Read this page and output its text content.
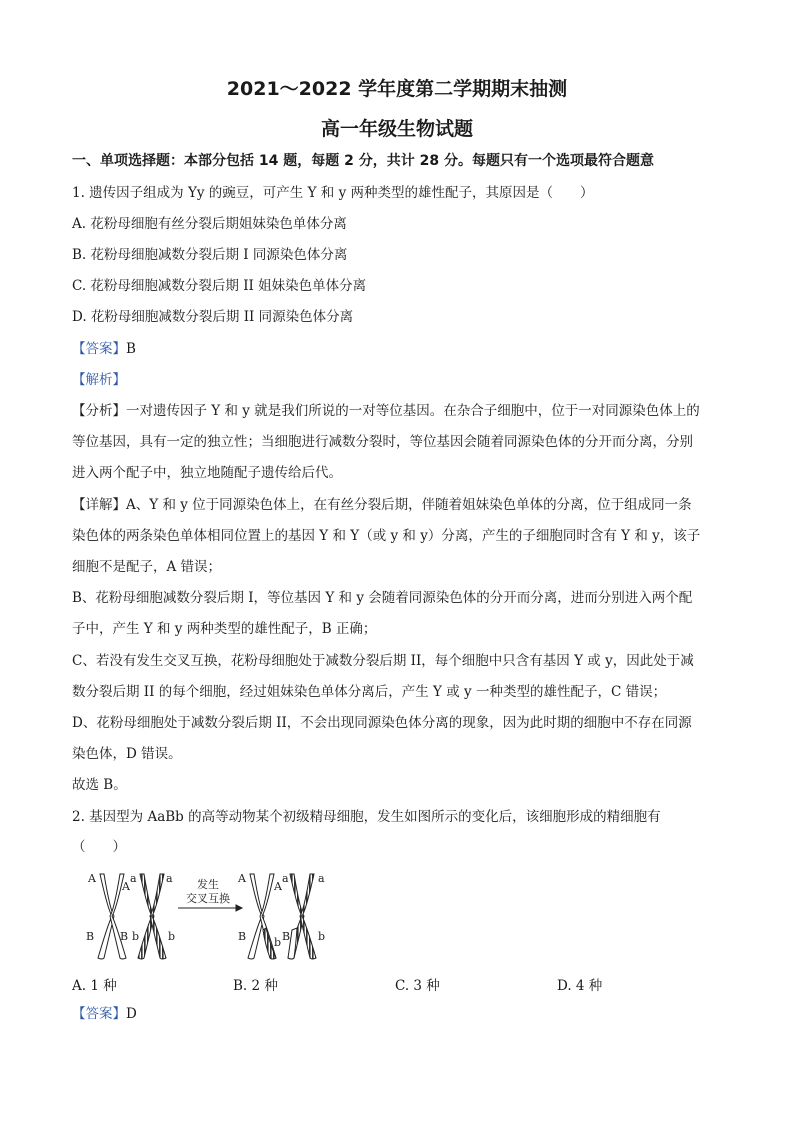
2021～2022 学年度第二学期期末抽测
高一年级生物试题
一、单项选择题：本部分包括 14 题，每题 2 分，共计 28 分。每题只有一个选项最符合题意
1. 遗传因子组成为 Yy 的豌豆，可产生 Y 和 y 两种类型的雄性配子，其原因是（　　）
A. 花粉母细胞有丝分裂后期姐妹染色单体分离
B. 花粉母细胞减数分裂后期 I 同源染色体分离
C. 花粉母细胞减数分裂后期 II 姐妹染色单体分离
D. 花粉母细胞减数分裂后期 II 同源染色体分离
【答案】B
【解析】
【分析】一对遗传因子 Y 和 y 就是我们所说的一对等位基因。在杂合子细胞中，位于一对同源染色体上的
等位基因，具有一定的独立性；当细胞进行减数分裂时，等位基因会随着同源染色体的分开而分离，分别
进入两个配子中，独立地随配子遗传给后代。
【详解】A、Y 和 y 位于同源染色体上，在有丝分裂后期，伴随着姐妹染色单体的分离，位于组成同一条
染色体的两条染色单体相同位置上的基因 Y 和 Y（或 y 和 y）分离，产生的子细胞同时含有 Y 和 y，该子
细胞不是配子，A 错误；
B、花粉母细胞减数分裂后期 I，等位基因 Y 和 y 会随着同源染色体的分开而分离，进而分别进入两个配
子中，产生 Y 和 y 两种类型的雄性配子，B 正确；
C、若没有发生交叉互换，花粉母细胞处于减数分裂后期 II，每个细胞中只含有基因 Y 或 y，因此处于减
数分裂后期 II 的每个细胞，经过姐妹染色单体分离后，产生 Y 或 y 一种类型的雄性配子，C 错误；
D、花粉母细胞处于减数分裂后期 II，不会出现同源染色体分离的现象，因为此时期的细胞中不存在同源
染色体，D 错误。
故选 B。
2. 基因型为 AaBb 的高等动物某个初级精母细胞，发生如图所示的变化后，该细胞形成的精细胞有
（　　）
A
A
a	a
B B b	b
A
A
a	a
B	b B	b
发生
交叉互换
A. 1 种	B. 2 种	C. 3 种	D. 4 种
【答案】D
